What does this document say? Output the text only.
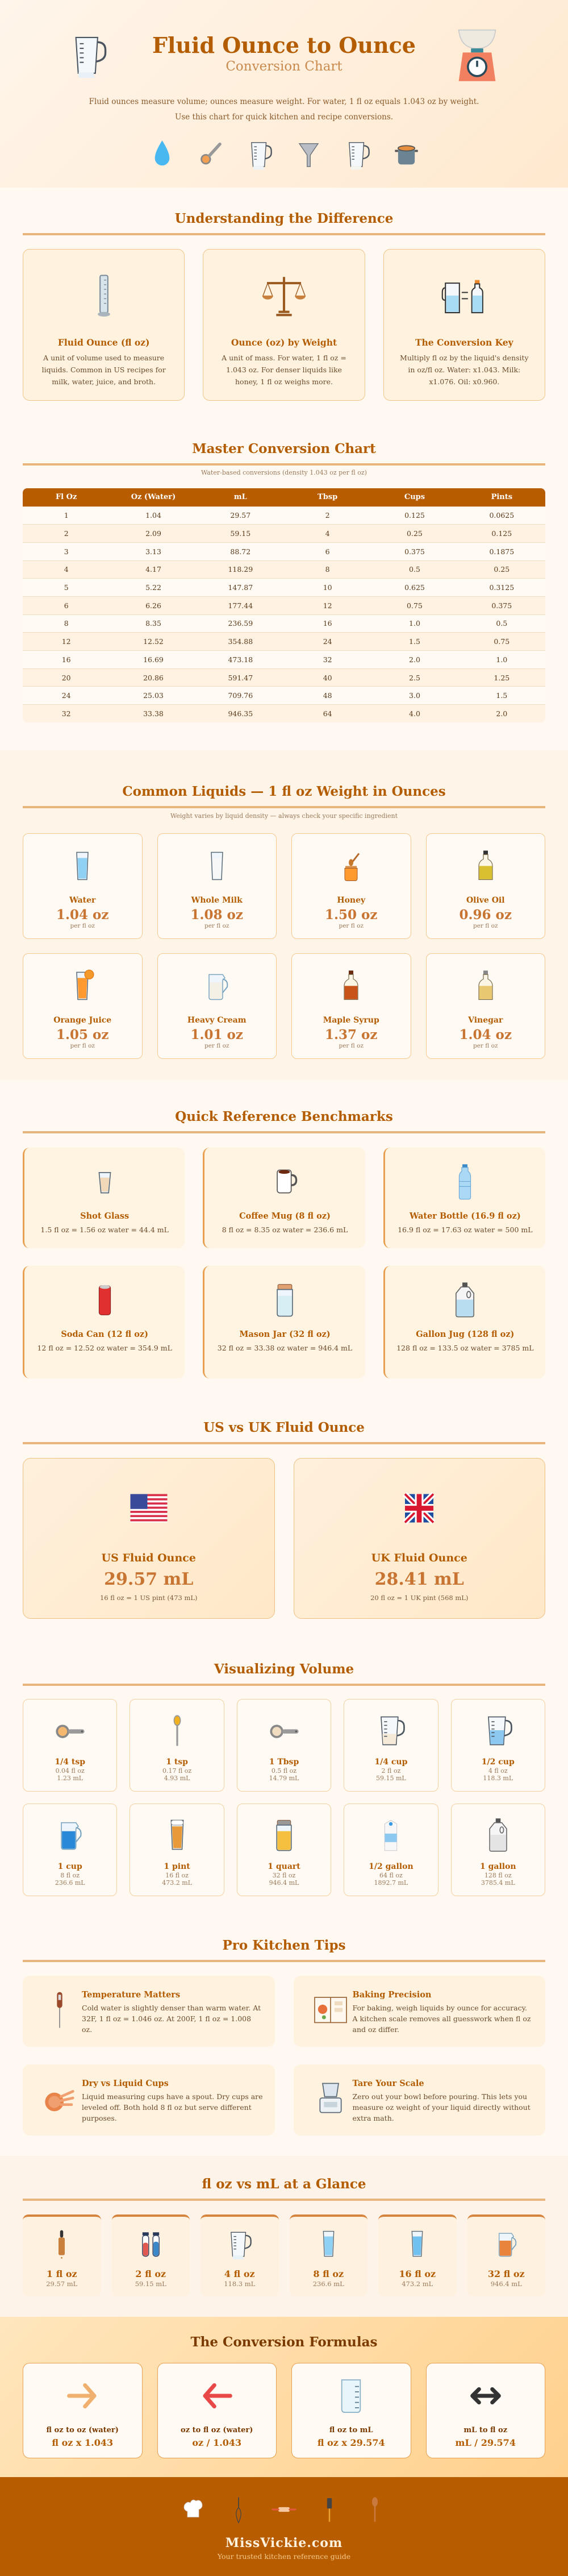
Fluid Ounce to Ounce
Conversion Chart

Fluid ounces measure volume; ounces measure weight. For water, 1 fl oz equals 1.043 oz by weight. Use this chart for quick kitchen and recipe conversions.

Understanding the Difference
Fluid Ounce (fl oz)
A unit of volume used to measure liquids. Common in US recipes for milk, water, juice, and broth.
Ounce (oz) by Weight
A unit of mass. For water, 1 fl oz = 1.043 oz. For denser liquids like honey, 1 fl oz weighs more.
The Conversion Key
Multiply fl oz by the liquid's density in oz/fl oz. Water: x1.043. Milk: x1.076. Oil: x0.960.
Master Conversion Chart
Water-based conversions (density 1.043 oz per fl oz)
Fl Oz	Oz (Water)	mL	Tbsp	Cups	Pints
1	1.04	29.57	2	0.125	0.0625
2	2.09	59.15	4	0.25	0.125
3	3.13	88.72	6	0.375	0.1875
4	4.17	118.29	8	0.5	0.25
5	5.22	147.87	10	0.625	0.3125
6	6.26	177.44	12	0.75	0.375
8	8.35	236.59	16	1.0	0.5
12	12.52	354.88	24	1.5	0.75
16	16.69	473.18	32	2.0	1.0
20	20.86	591.47	40	2.5	1.25
24	25.03	709.76	48	3.0	1.5
32	33.38	946.35	64	4.0	2.0
Common Liquids — 1 fl oz Weight in Ounces
Weight varies by liquid density — always check your specific ingredient
Water
1.04 oz
per fl oz
Whole Milk
1.08 oz
per fl oz
Honey
1.50 oz
per fl oz
Olive Oil
0.96 oz
per fl oz
Orange Juice
1.05 oz
per fl oz
Heavy Cream
1.01 oz
per fl oz
Maple Syrup
1.37 oz
per fl oz
Vinegar
1.04 oz
per fl oz
Quick Reference Benchmarks
Shot Glass
1.5 fl oz = 1.56 oz water = 44.4 mL
Coffee Mug (8 fl oz)
8 fl oz = 8.35 oz water = 236.6 mL
Water Bottle (16.9 fl oz)
16.9 fl oz = 17.63 oz water = 500 mL
Soda Can (12 fl oz)
12 fl oz = 12.52 oz water = 354.9 mL
Mason Jar (32 fl oz)
32 fl oz = 33.38 oz water = 946.4 mL
Gallon Jug (128 fl oz)
128 fl oz = 133.5 oz water = 3785 mL
US vs UK Fluid Ounce
US Fluid Ounce
29.57 mL
16 fl oz = 1 US pint (473 mL)
UK Fluid Ounce
28.41 mL
20 fl oz = 1 UK pint (568 mL)
Visualizing Volume
1/4 tsp
0.04 fl oz
1.23 mL
1 tsp
0.17 fl oz
4.93 mL
1 Tbsp
0.5 fl oz
14.79 mL
1/4 cup
2 fl oz
59.15 mL
1/2 cup
4 fl oz
118.3 mL
1 cup
8 fl oz
236.6 mL
1 pint
16 fl oz
473.2 mL
1 quart
32 fl oz
946.4 mL
1/2 gallon
64 fl oz
1892.7 mL
1 gallon
128 fl oz
3785.4 mL
Pro Kitchen Tips
Temperature Matters
Cold water is slightly denser than warm water. At 32F, 1 fl oz = 1.046 oz. At 200F, 1 fl oz = 1.008 oz.
Baking Precision
For baking, weigh liquids by ounce for accuracy. A kitchen scale removes all guesswork when fl oz and oz differ.
Dry vs Liquid Cups
Liquid measuring cups have a spout. Dry cups are leveled off. Both hold 8 fl oz but serve different purposes.
Tare Your Scale
Zero out your bowl before pouring. This lets you measure oz weight of your liquid directly without extra math.
fl oz vs mL at a Glance
1 fl oz
29.57 mL
2 fl oz
59.15 mL
4 fl oz
118.3 mL
8 fl oz
236.6 mL
16 fl oz
473.2 mL
32 fl oz
946.4 mL
The Conversion Formulas
fl oz to oz (water)
fl oz x 1.043
oz to fl oz (water)
oz / 1.043
fl oz to mL
fl oz x 29.574
mL to fl oz
mL / 29.574
MissVickie.com
Your trusted kitchen reference guide
